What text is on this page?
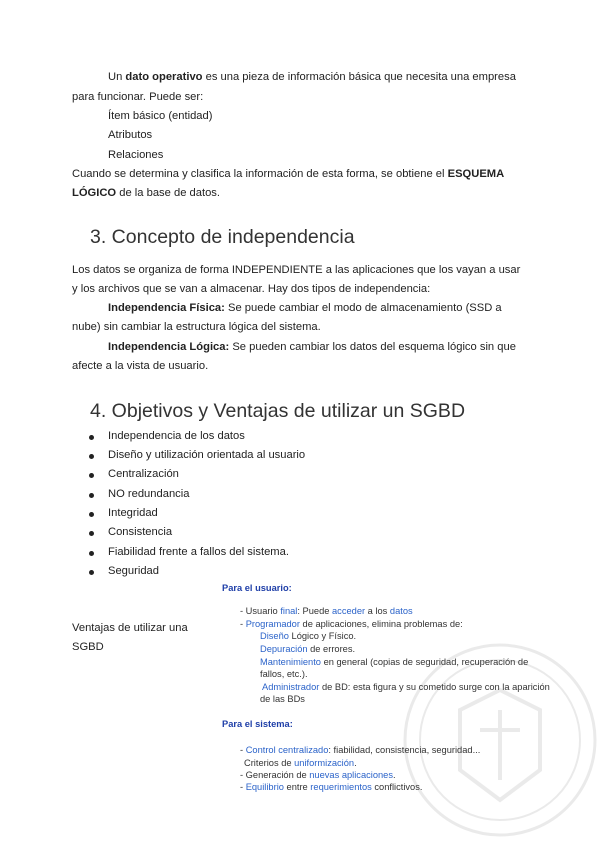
Un dato operativo es una pieza de información básica que necesita una empresa
para funcionar. Puede ser:
Ítem básico (entidad)
Atributos
Relaciones
Cuando se determina y clasifica la información de esta forma, se obtiene el ESQUEMA
LÓGICO de la base de datos.
3. Concepto de independencia
Los datos se organiza de forma INDEPENDIENTE a las aplicaciones que los vayan a usar
y los archivos que se van a almacenar. Hay dos tipos de independencia:
Independencia Física: Se puede cambiar el modo de almacenamiento (SSD a
nube) sin cambiar la estructura lógica del sistema.
Independencia Lógica: Se pueden cambiar los datos del esquema lógico sin que
afecte a la vista de usuario.
4. Objetivos y Ventajas de utilizar un SGBD
Independencia de los datos
Diseño y utilización orientada al usuario
Centralización
NO redundancia
Integridad
Consistencia
Fiabilidad frente a fallos del sistema.
Seguridad
Ventajas de utilizar una
SGBD
Para el usuario:
- Usuario final: Puede acceder a los datos
- Programador de aplicaciones, elimina problemas de:
Diseño Lógico y Físico.
Depuración de errores.
Mantenimiento en general (copias de seguridad, recuperación de
fallos, etc.).
Administrador de BD: esta figura y su cometido surge con la aparición
de las BDs
Para el sistema:
- Control centralizado: fiabilidad, consistencia, seguridad...
Criterios de uniformización.
- Generación de nuevas aplicaciones.
- Equilibrio entre requerimientos conflictivos.
